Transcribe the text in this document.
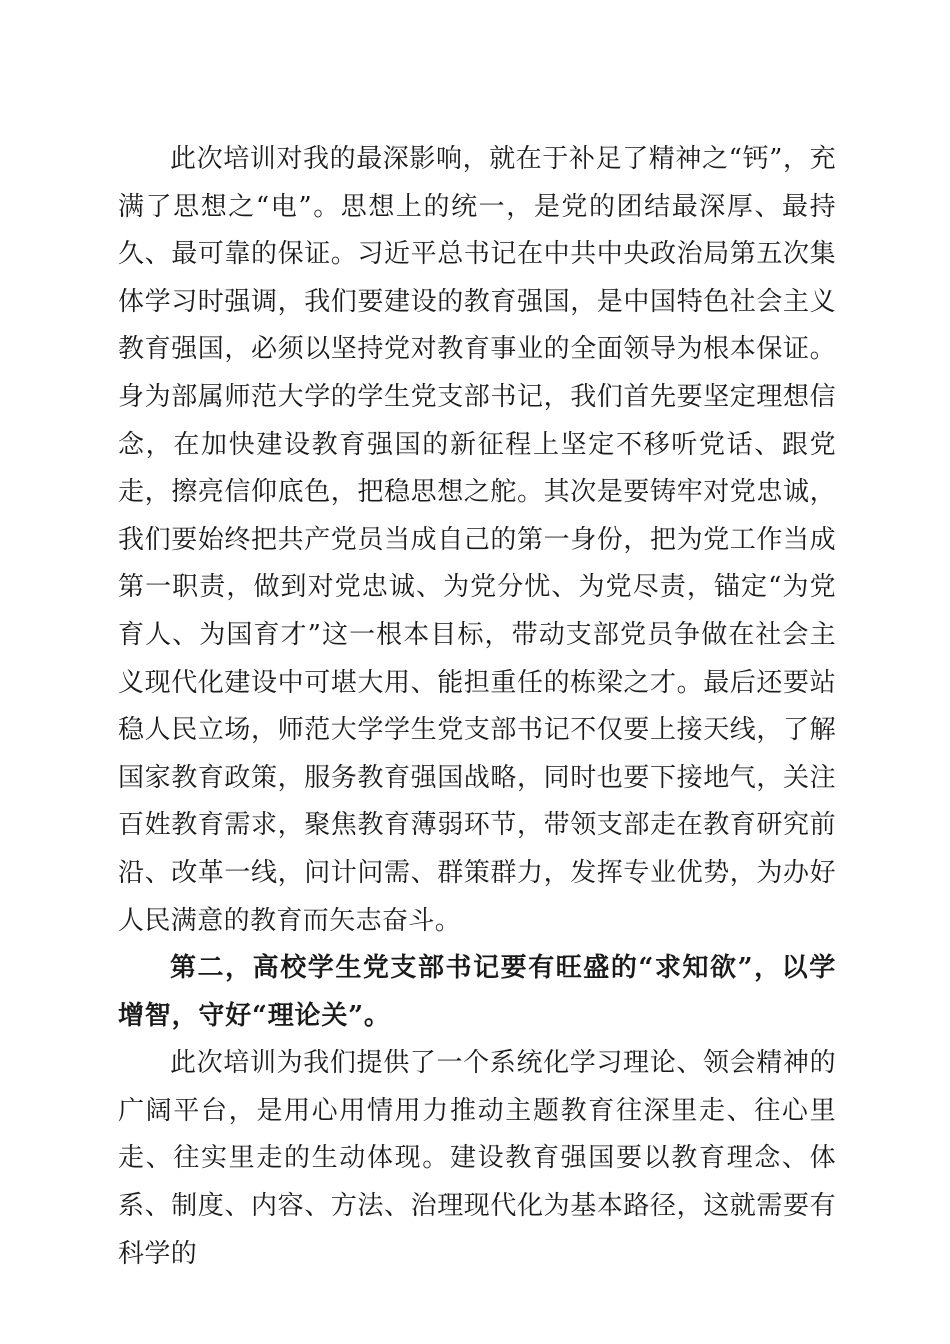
此次培训对我的最深影响，就在于补足了精神之“钙”，充满了思想之“电”。思想上的统一，是党的团结最深厚、最持久、最可靠的保证。习近平总书记在中共中央政治局第五次集体学习时强调，我们要建设的教育强国，是中国特色社会主义教育强国，必须以坚持党对教育事业的全面领导为根本保证。身为部属师范大学的学生党支部书记，我们首先要坚定理想信念，在加快建设教育强国的新征程上坚定不移听党话、跟党走，擦亮信仰底色，把稳思想之舵。其次是要铸牢对党忠诚，我们要始终把共产党员当成自己的第一身份，把为党工作当成第一职责，做到对党忠诚、为党分忧、为党尽责，锚定“为党育人、为国育才”这一根本目标，带动支部党员争做在社会主义现代化建设中可堪大用、能担重任的栋梁之才。最后还要站稳人民立场，师范大学学生党支部书记不仅要上接天线，了解国家教育政策，服务教育强国战略，同时也要下接地气，关注百姓教育需求，聚焦教育薄弱环节，带领支部走在教育研究前沿、改革一线，问计问需、群策群力，发挥专业优势，为办好人民满意的教育而矢志奋斗。

第二，高校学生党支部书记要有旺盛的“求知欲”，以学增智，守好“理论关”。

此次培训为我们提供了一个系统化学习理论、领会精神的广阔平台，是用心用情用力推动主题教育往深里走、往心里走、往实里走的生动体现。建设教育强国要以教育理念、体系、制度、内容、方法、治理现代化为基本路径，这就需要有科学的
